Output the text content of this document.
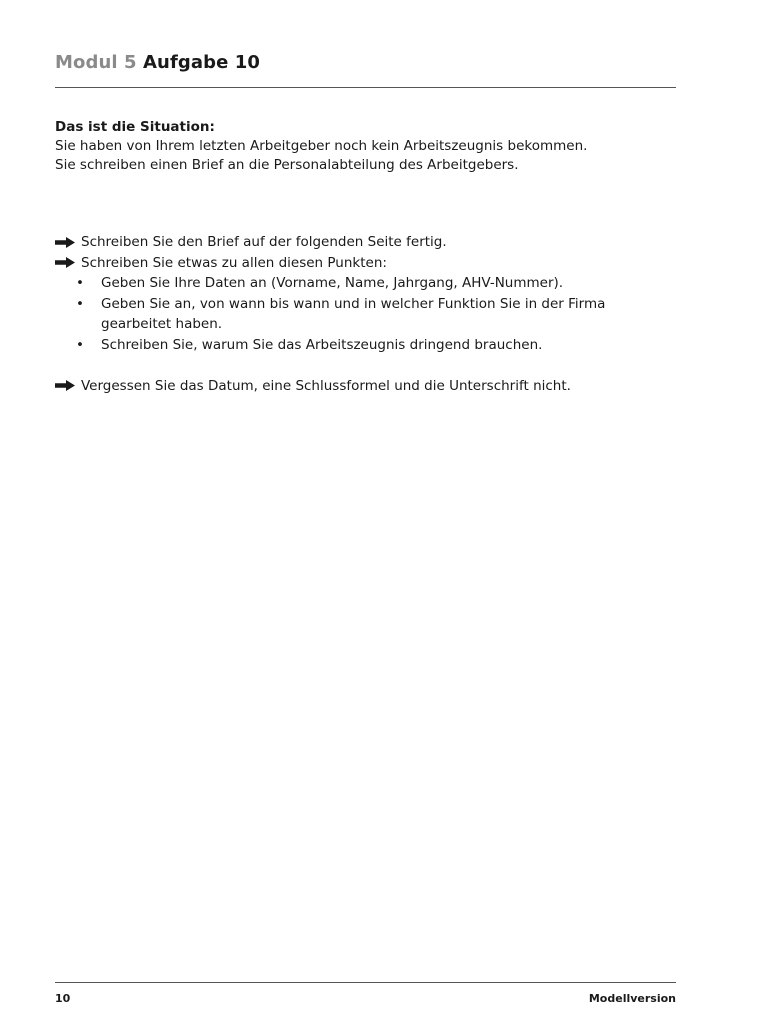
Modul 5 Aufgabe 10

Das ist die Situation:

Sie haben von Ihrem letzten Arbeitgeber noch kein Arbeitszeugnis bekommen.

Sie schreiben einen Brief an die Personalabteilung des Arbeitgebers.

Schreiben Sie den Brief auf der folgenden Seite fertig.
Schreiben Sie etwas zu allen diesen Punkten:
•	Geben Sie Ihre Daten an (Vorname, Name, Jahrgang, AHV-Nummer).
•	Geben Sie an, von wann bis wann und in welcher Funktion Sie in der Firma gearbeitet haben.
•	Schreiben Sie, warum Sie das Arbeitszeugnis dringend brauchen.
Vergessen Sie das Datum, eine Schlussformel und die Unterschrift nicht.
10	Modellversion
